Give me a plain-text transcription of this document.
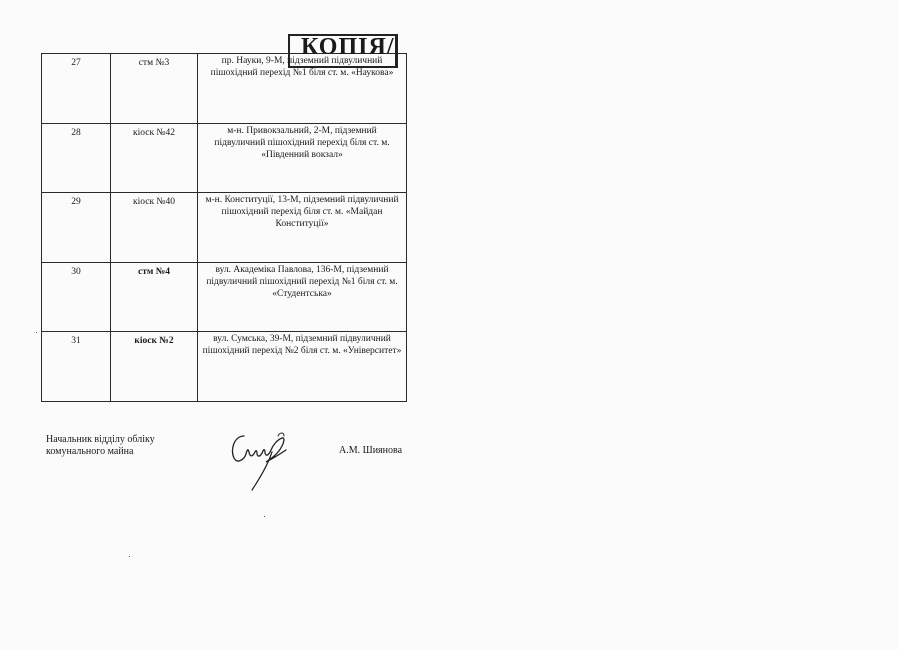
27	стм №3	пр. Науки, 9-М, підземний підвуличний пішохідний перехід №1 біля ст. м. «Наукова»
28	кіоск №42	м-н. Привокзальний, 2-М, підземний підвуличний пішохідний перехід біля ст. м. «Південний вокзал»
29	кіоск №40	м-н. Конституції, 13-М, підземний підвуличний пішохідний перехід біля ст. м. «Майдан Конституції»
30	стм №4	вул. Академіка Павлова, 136-М, підземний підвуличний пішохідний перехід №1 біля ст. м. «Студентська»
31	кіоск №2	вул. Сумська, 39-М, підземний підвуличний пішохідний перехід №2 біля ст. м. «Університет»
КОПІЯ/
Начальник відділу обліку
комунального майна	А.М. Шиянова
